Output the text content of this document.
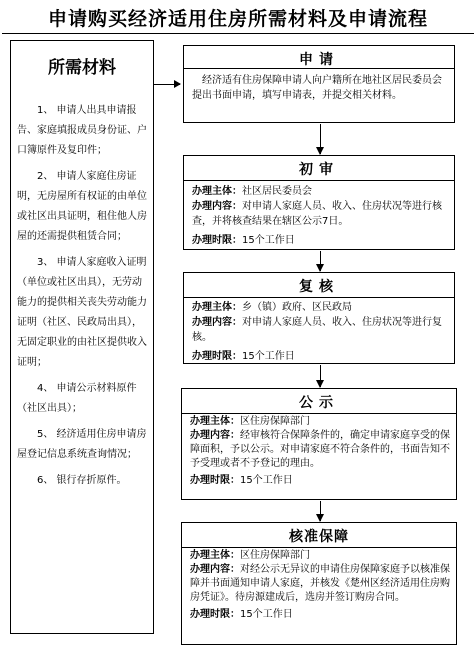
申请购买经济适用住房所需材料及申请流程
所需材料
1、 申请人出具申请报告、家庭填报成员身份证、户口簿原件及复印件；
2、 申请人家庭住房证明，无房屋所有权证的由单位或社区出具证明，租住他人房屋的还需提供租赁合同；
3、 申请人家庭收入证明（单位或社区出具），无劳动能力的提供相关丧失劳动能力证明（社区、民政局出具），无固定职业的由社区提供收入证明；
4、 申请公示材料原件（社区出具）；
5、 经济适用住房申请房屋登记信息系统查询情况；
6、 银行存折原件。
申请

经济适有住房保障申请人向户籍所在地社区居民委员会提出书面申请，填写申请表，并提交相关材料。

初审

办理主体：社区居民委员会

办理内容：对申请人家庭人员、收入、住房状况等进行核查，并将核查结果在辖区公示7日。

办理时限：15个工作日

复核

办理主体：乡（镇）政府、区民政局

办理内容：对申请人家庭人员、收入、住房状况等进行复核。

办理时限：15个工作日

公示

办理主体：区住房保障部门

办理内容：经审核符合保障条件的，确定申请家庭享受的保障面积，予以公示。对申请家庭不符合条件的，书面告知不予受理或者不予登记的理由。

办理时限：15个工作日

核准保障

办理主体：区住房保障部门

办理内容：对经公示无异议的申请住房保障家庭予以核准保障并书面通知申请人家庭，并核发《楚州区经济适用住房购房凭证》。待房源建成后，选房并签订购房合同。

办理时限：15个工作日
